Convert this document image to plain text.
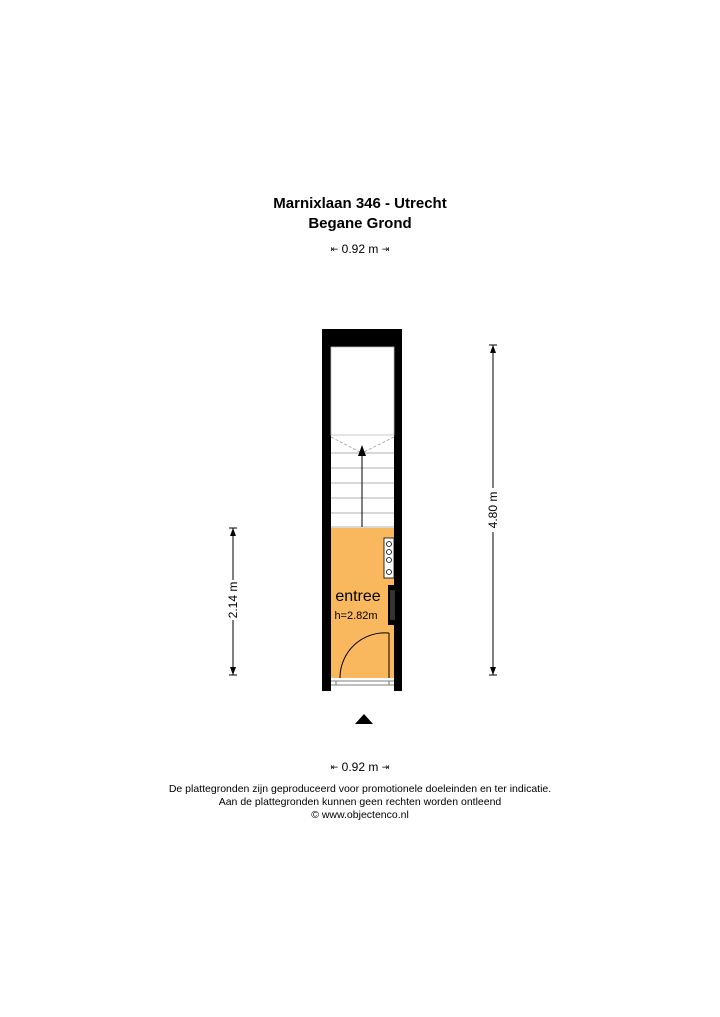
Marnixlaan 346 - Utrecht
Begane Grond
⇤ 0.92 m ⇥
entree
h=2.82m
2.14 m
4.80 m
⇤ 0.92 m ⇥
De plattegronden zijn geproduceerd voor promotionele doeleinden en ter indicatie.
Aan de plattegronden kunnen geen rechten worden ontleend
© www.objectenco.nl
